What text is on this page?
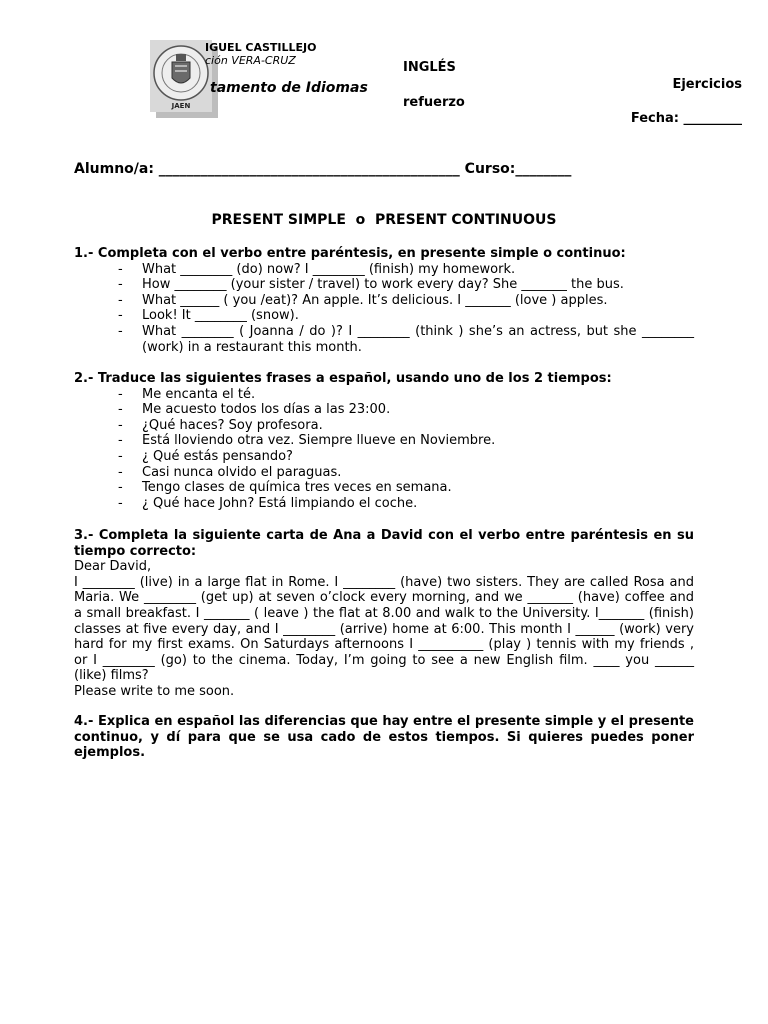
JAEN
IGUEL CASTILLEJO
ción VERA-CRUZ
tamento de Idiomas
INGLÉS
refuerzo
Ejercicios
Fecha: _________
Alumno/a: ___________________________________________ Curso:________
PRESENT SIMPLE  o  PRESENT CONTINUOUS
1.- Completa con el verbo entre paréntesis, en presente simple o continuo:
- What ________ (do) now? I ________ (finish) my homework.
- How ________ (your sister / travel) to work every day? She _______ the bus.
- What ______ ( you /eat)? An apple. It’s delicious. I _______ (love ) apples.
- Look! It ________ (snow).
- What ________ ( Joanna / do )? I ________ (think ) she’s an actress, but she ________ (work) in a restaurant this month.
2.- Traduce las siguientes frases a español, usando uno de los 2 tiempos:
- Me encanta el té.
- Me acuesto todos los días a las 23:00.
- ¿Qué haces? Soy profesora.
- Está lloviendo otra vez. Siempre llueve en Noviembre.
- ¿ Qué estás pensando?
- Casi nunca olvido el paraguas.
- Tengo clases de química tres veces en semana.
- ¿ Qué hace John? Está limpiando el coche.

3.- Completa la siguiente carta de Ana a David con el verbo entre paréntesis en su tiempo correcto:

Dear David,

I ________ (live) in a large flat in Rome. I ________ (have) two sisters. They are called Rosa and Maria. We ________ (get up) at seven o’clock every morning, and we _______ (have) coffee and a small breakfast. I _______ ( leave ) the flat at 8.00 and walk to the University. I_______ (finish) classes at five every day, and I ________ (arrive) home at 6:00. This month I ______ (work) very hard for my first exams. On Saturdays afternoons I __________ (play ) tennis with my friends , or I ________ (go) to the cinema. Today, I’m going to see a new English film. ____ you ______ (like) films?

Please write to me soon.

4.- Explica en español las diferencias que hay entre el presente simple y el presente continuo, y dí para que se usa cado de estos tiempos. Si quieres puedes poner ejemplos.
